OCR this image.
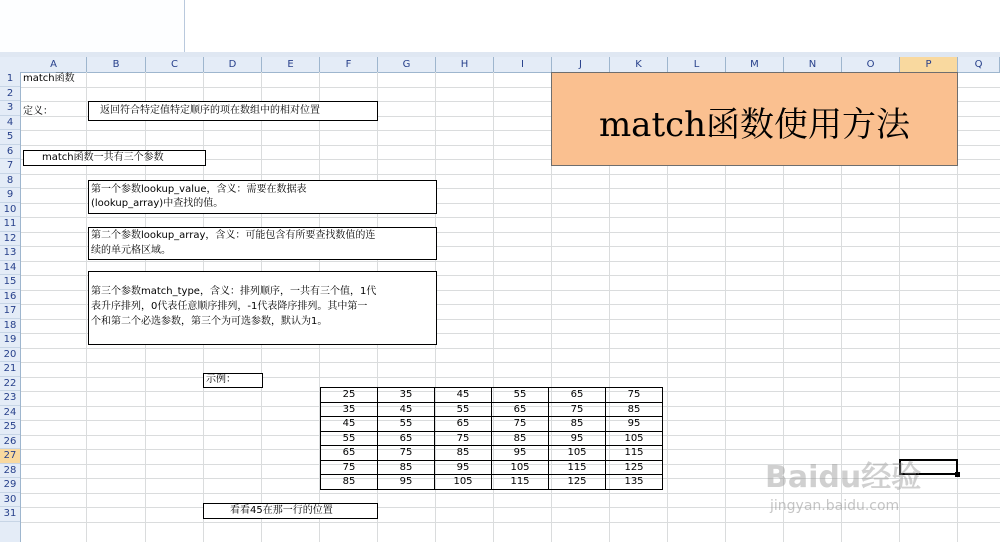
A	B	C	D	E	F	G	H	I	J	K	L	M	N	O	P	Q
1
2
3
4
5
6
7
8
9
10
11
12
13
14
15
16
17
18
19
20
21
22
23
24
25
26
27
28
29
30
31
match函数
定义：	返回符合特定值特定顺序的项在数组中的相对位置
match函数一共有三个参数
第一个参数lookup_value，含义：需要在数据表
(lookup_array)中查找的值。
第二个参数lookup_array，含义：可能包含有所要查找数值的连
续的单元格区域。
第三个参数match_type，含义：排列顺序，一共有三个值，1代
表升序排列，0代表任意顺序排列，-1代表降序排列。其中第一
个和第二个必选参数，第三个为可选参数，默认为1。
示例：
看看45在那一行的位置
match函数使用方法
25	35	45	55	65	75
35	45	55	65	75	85
45	55	65	75	85	95
55	65	75	85	95	105
65	75	85	95	105	115
75	85	95	105	115	125
85	95	105	115	125	135	Baidu经验
jingyan.baidu.com
